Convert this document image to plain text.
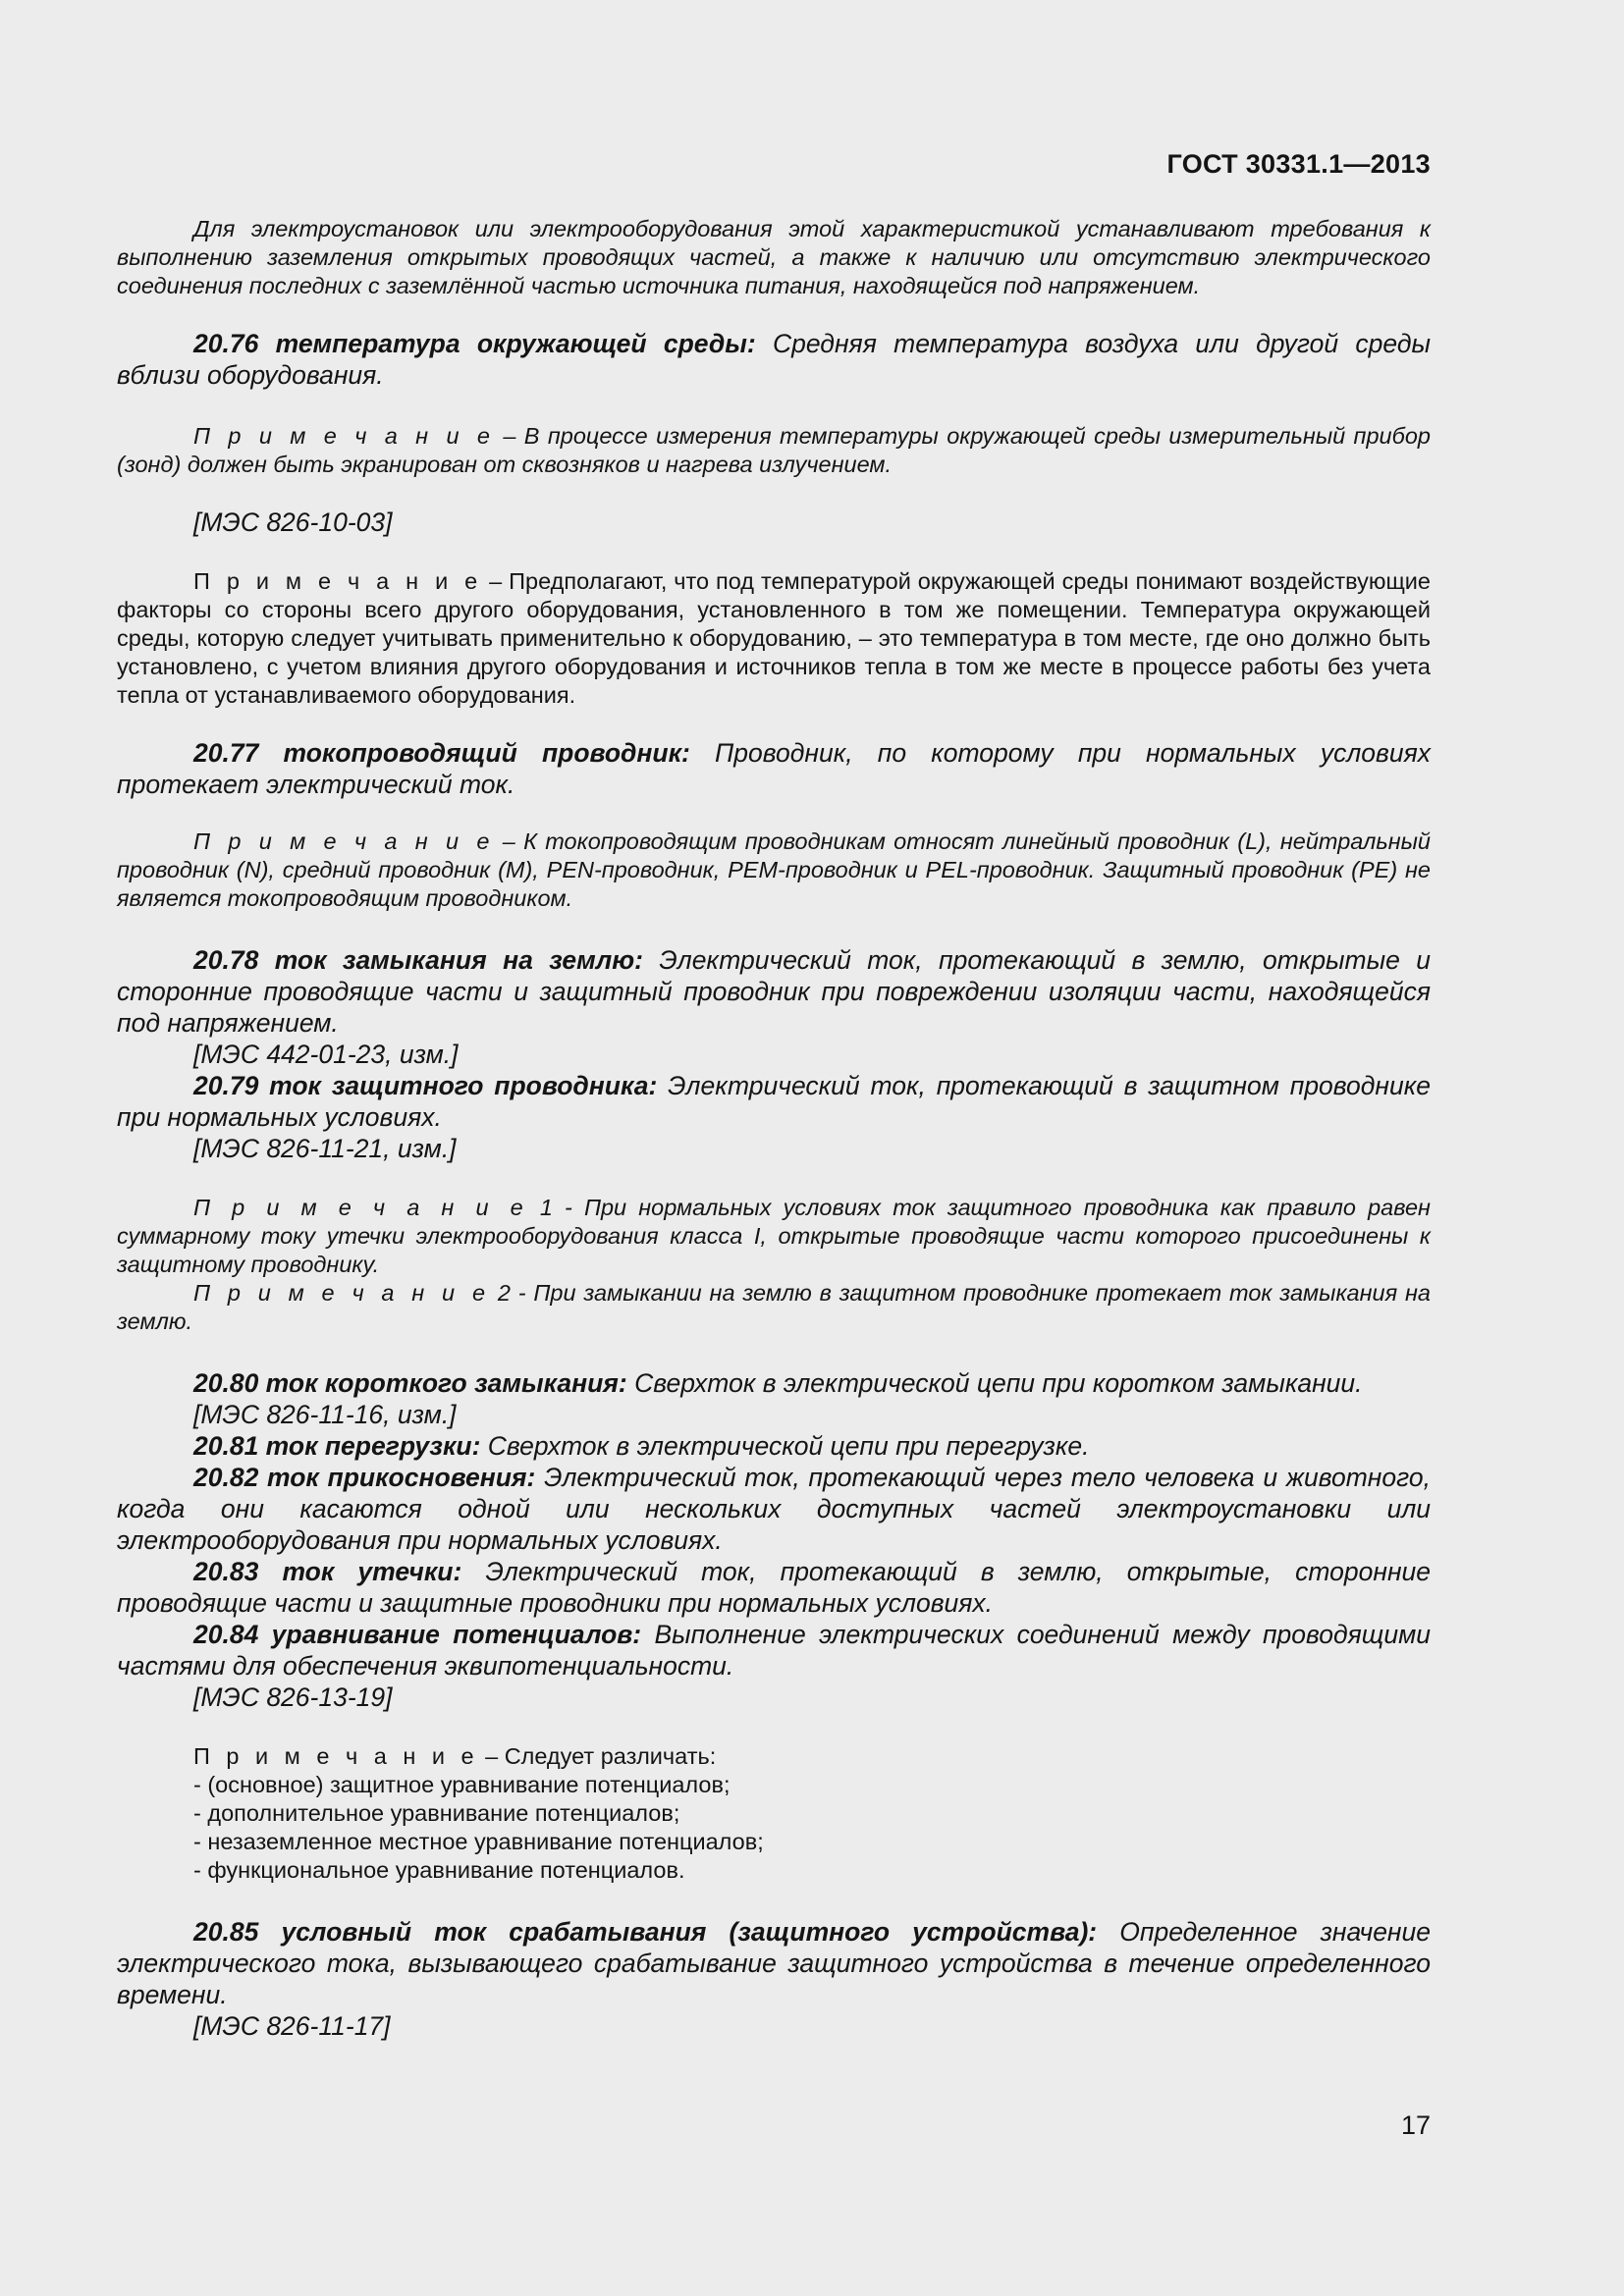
ГОСТ 30331.1—2013

Для электроустановок или электрооборудования этой характеристикой устанавливают требования к выполнению заземления открытых проводящих частей, а также к наличию или отсутствию электрического соединения последних с заземлённой частью источника питания, находящейся под напряжением.

20.76 температура окружающей среды: Средняя температура воздуха или другой среды вблизи оборудования.

П р и м е ч а н и е – В процессе измерения температуры окружающей среды измерительный прибор (зонд) должен быть экранирован от сквозняков и нагрева излучением.

[МЭС 826-10-03]

П р и м е ч а н и е – Предполагают, что под температурой окружающей среды понимают воздействующие факторы со стороны всего другого оборудования, установленного в том же помещении. Температура окружающей среды, которую следует учитывать применительно к оборудованию, – это температура в том месте, где оно должно быть установлено, с учетом влияния другого оборудования и источников тепла в том же месте в процессе работы без учета тепла от устанавливаемого оборудования.

20.77 токопроводящий проводник: Проводник, по которому при нормальных условиях протекает электрический ток.

П р и м е ч а н и е – К токопроводящим проводникам относят линейный проводник (L), нейтральный проводник (N), средний проводник (M), PEN-проводник, PEM-проводник и PEL-проводник. Защитный проводник (PE) не является токопроводящим проводником.

20.78 ток замыкания на землю: Электрический ток, протекающий в землю, открытые и сторонние проводящие части и защитный проводник при повреждении изоляции части, находящейся под напряжением.

[МЭС 442-01-23, изм.]

20.79 ток защитного проводника: Электрический ток, протекающий в защитном проводнике при нормальных условиях.

[МЭС 826-11-21, изм.]

П р и м е ч а н и е 1 - При нормальных условиях ток защитного проводника как правило равен суммарному току утечки электрооборудования класса I, открытые проводящие части которого присоединены к защитному проводнику.

П р и м е ч а н и е 2 - При замыкании на землю в защитном проводнике протекает ток замыкания на землю.

20.80 ток короткого замыкания: Сверхток в электрической цепи при коротком замыкании.

[МЭС 826-11-16, изм.]

20.81 ток перегрузки: Сверхток в электрической цепи при перегрузке.

20.82 ток прикосновения: Электрический ток, протекающий через тело человека и животного, когда они касаются одной или нескольких доступных частей электроустановки или электрооборудования при нормальных условиях.

20.83 ток утечки: Электрический ток, протекающий в землю, открытые, сторонние проводящие части и защитные проводники при нормальных условиях.

20.84 уравнивание потенциалов: Выполнение электрических соединений между проводящими частями для обеспечения эквипотенциальности.

[МЭС 826-13-19]

П р и м е ч а н и е – Следует различать:
- (основное) защитное уравнивание потенциалов;
- дополнительное уравнивание потенциалов;
- незаземленное местное уравнивание потенциалов;
- функциональное уравнивание потенциалов.

20.85 условный ток срабатывания (защитного устройства): Определенное значение электрического тока, вызывающего срабатывание защитного устройства в течение определенного времени.

[МЭС 826-11-17]

17
